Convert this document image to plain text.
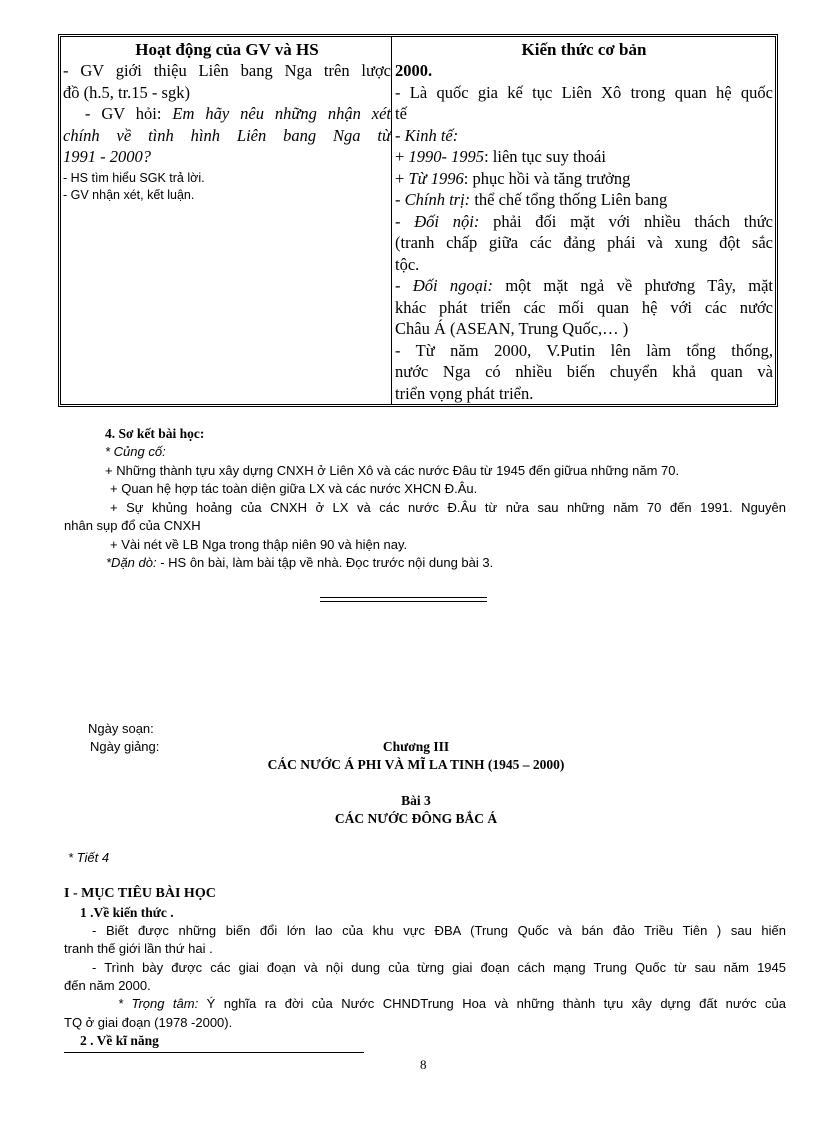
Hoạt động của GV và HS
- GV giới thiệu Liên bang Nga trên lược
đồ (h.5, tr.15 - sgk)
- GV hỏi: Em hãy nêu những nhận xét
chính về tình hình Liên bang Nga từ
1991 - 2000?
- HS tìm hiểu SGK trả lời.
- GV nhận xét, kết luận.
Kiến thức cơ bản
2000.
- Là quốc gia kế tục Liên Xô trong quan hệ quốc
tế
- Kinh tế:
+ 1990- 1995: liên tục suy thoái
+ Từ 1996: phục hồi và tăng trưởng
- Chính trị: thể chế tổng thống Liên bang
- Đối nội: phải đối mặt với nhiều thách thức
(tranh chấp giữa các đảng phái và xung đột sắc
tộc.
- Đối ngoại: một mặt ngả về phương Tây, mặt
khác phát triển các mối quan hệ với các nước
Châu Á (ASEAN, Trung Quốc,… )
- Từ năm 2000, V.Putin lên làm tổng thống,
nước Nga có nhiều biến chuyển khả quan và
triển vọng phát triển.
4. Sơ kết bài học:
* Củng cố:
+ Những thành tựu xây dựng CNXH ở Liên Xô và các nước Đâu từ 1945 đến giữua những năm 70.
+ Quan hệ hợp tác toàn diện giữa LX và các nước XHCN Đ.Âu.
+ Sự khủng hoảng của CNXH ở LX và các nước Đ.Âu từ nửa sau những năm 70 đến 1991. Nguyên
nhân sụp đổ của CNXH
+ Vài nét về LB Nga trong thập niên 90 và hiện nay.
*Dặn dò: - HS ôn bài, làm bài tập về nhà. Đọc trước nội dung bài 3.
Ngày soạn:
Ngày giảng:	Chương III
CÁC NƯỚC Á PHI VÀ MĨ LA TINH (1945 – 2000)
Bài 3
CÁC NƯỚC ĐÔNG BẮC Á
* Tiết 4
I - MỤC TIÊU BÀI HỌC
1 .Về kiến thức .
- Biết được những biến đổi lớn lao của khu vực ĐBA (Trung Quốc và bán đảo Triều Tiên ) sau hiến
tranh thế giới lần thứ hai .
- Trình bày được các giai đoạn và nội dung của từng giai đoạn cách mạng Trung Quốc từ sau năm 1945
đến năm 2000.
* Trọng tâm: Ý nghĩa ra đời của Nước CHNDTrung Hoa và những thành tựu xây dựng đất nước của
TQ ở giai đoạn (1978 -2000).
2 . Về kĩ năng
8
